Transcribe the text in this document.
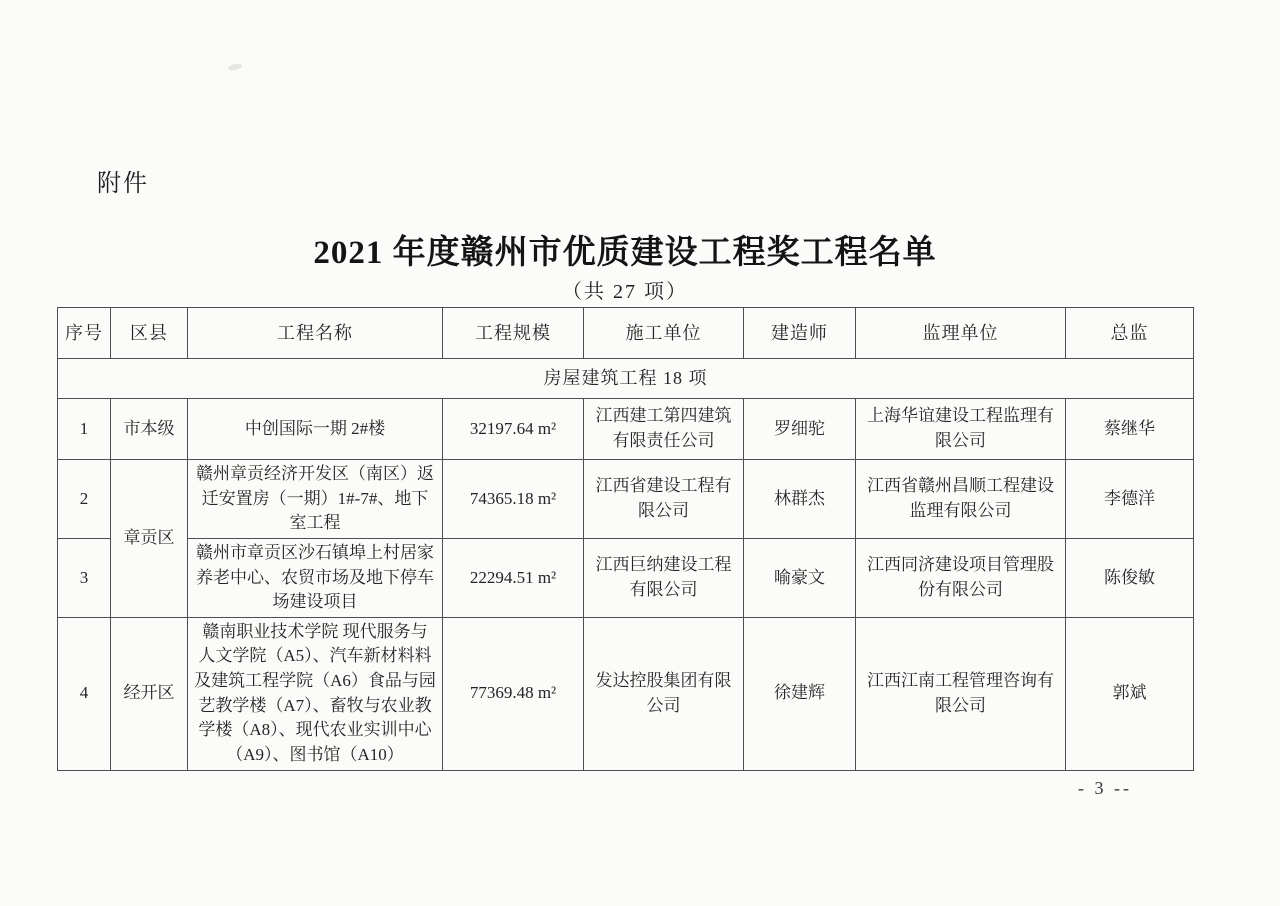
附件
2021 年度赣州市优质建设工程奖工程名单
（共 27 项）
序号	区县	工程名称	工程规模	施工单位	建造师	监理单位	总监
房屋建筑工程 18 项							
1	市本级	中创国际一期 2#楼	32197.64 m²	江西建工第四建筑有限责任公司	罗细驼	上海华谊建设工程监理有限公司	蔡继华
2	章贡区	赣州章贡经济开发区（南区）返迁安置房（一期）1#-7#、地下室工程	74365.18 m²	江西省建设工程有限公司	林群杰	江西省赣州昌顺工程建设监理有限公司	李德洋
3		赣州市章贡区沙石镇埠上村居家养老中心、农贸市场及地下停车场建设项目	22294.51 m²	江西巨纳建设工程有限公司	喻豪文	江西同济建设项目管理股份有限公司	陈俊敏
4	经开区	赣南职业技术学院 现代服务与人文学院（A5）、汽车新材料料及建筑工程学院（A6）食品与园艺教学楼（A7）、畜牧与农业教学楼（A8）、现代农业实训中心（A9）、图书馆（A10）	77369.48 m²	发达控股集团有限公司	徐建辉	江西江南工程管理咨询有限公司	郭斌
- 3 --
